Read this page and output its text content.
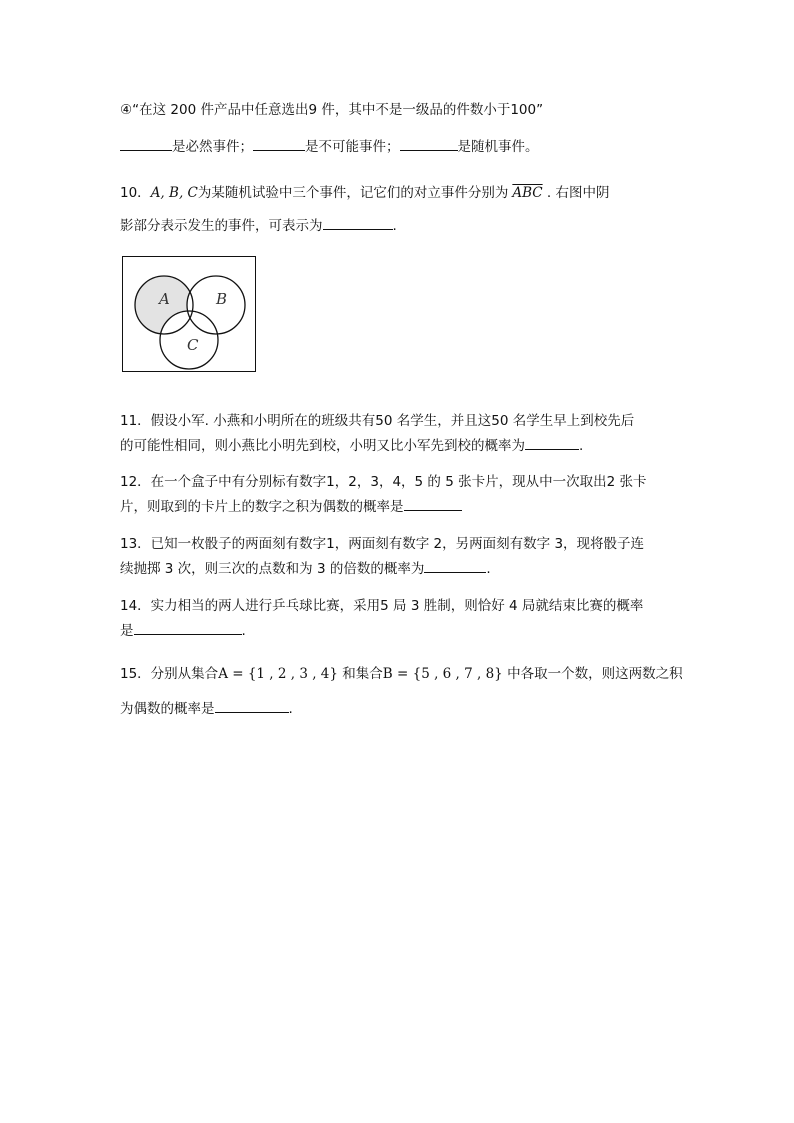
④“在这 200 件产品中任意选出9 件，其中不是一级品的件数小于100”
是必然事件；	是不可能事件；	是随机事件。
10．A, B, C为某随机试验中三个事件，记它们的对立事件分别为 $\overline{ABC}$ . 右图中阴
影部分表示发生的事件，可表示为	.
A	B
C
11．假设小军. 小燕和小明所在的班级共有50 名学生，并且这50 名学生早上到校先后
的可能性相同，则小燕比小明先到校，小明又比小军先到校的概率为	.
12．在一个盒子中有分别标有数字1，2，3，4，5 的 5 张卡片，现从中一次取出2 张卡
片，则取到的卡片上的数字之积为偶数的概率是
13．已知一枚骰子的两面刻有数字1，两面刻有数字 2，另两面刻有数字 3，现将骰子连
续抛掷 3 次，则三次的点数和为 3 的倍数的概率为	.
14．实力相当的两人进行乒乓球比赛，采用5 局 3 胜制，则恰好 4 局就结束比赛的概率
是	.
15．分别从集合A = {1 , 2 , 3 , 4} 和集合B = {5 , 6 , 7 , 8} 中各取一个数，则这两数之积
为偶数的概率是	.
